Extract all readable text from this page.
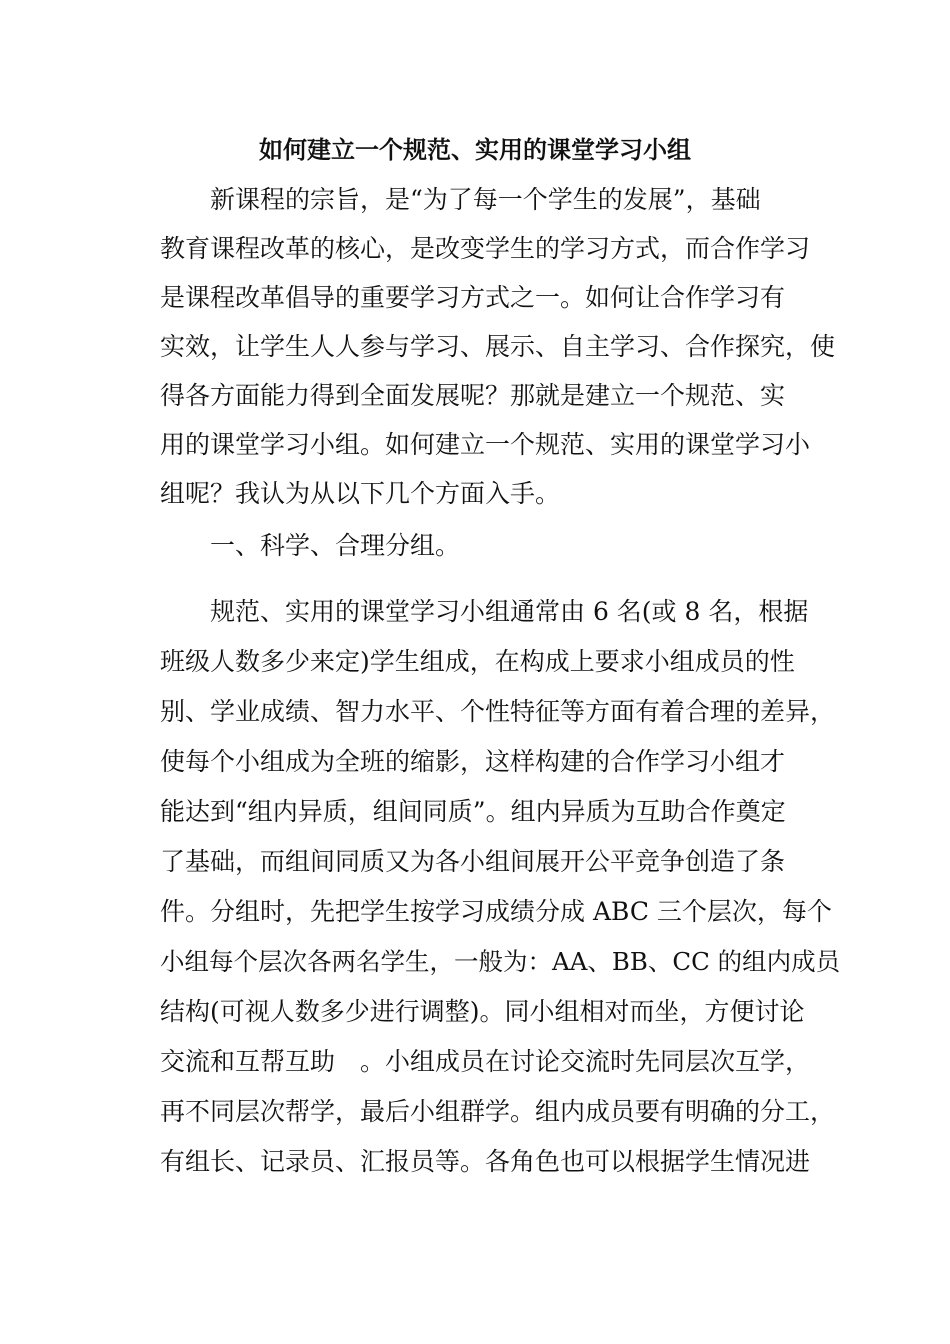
如何建立一个规范、实用的课堂学习小组
　　新课程的宗旨，是“为了每一个学生的发展”，基础
教育课程改革的核心，是改变学生的学习方式，而合作学习
是课程改革倡导的重要学习方式之一。如何让合作学习有
实效，让学生人人参与学习、展示、自主学习、合作探究，使
得各方面能力得到全面发展呢？那就是建立一个规范、实
用的课堂学习小组。如何建立一个规范、实用的课堂学习小
组呢？我认为从以下几个方面入手。
　　一、科学、合理分组。
　　规范、实用的课堂学习小组通常由 6 名(或 8 名，根据
班级人数多少来定)学生组成，在构成上要求小组成员的性
别、学业成绩、智力水平、个性特征等方面有着合理的差异，
使每个小组成为全班的缩影，这样构建的合作学习小组才
能达到“组内异质，组间同质”。组内异质为互助合作奠定
了基础，而组间同质又为各小组间展开公平竞争创造了条
件。分组时，先把学生按学习成绩分成 ABC 三个层次，每个
小组每个层次各两名学生，一般为：AA、BB、CC 的组内成员
结构(可视人数多少进行调整)。同小组相对而坐，方便讨论
交流和互帮互助　。小组成员在讨论交流时先同层次互学，
再不同层次帮学，最后小组群学。组内成员要有明确的分工，
有组长、记录员、汇报员等。各角色也可以根据学生情况进
